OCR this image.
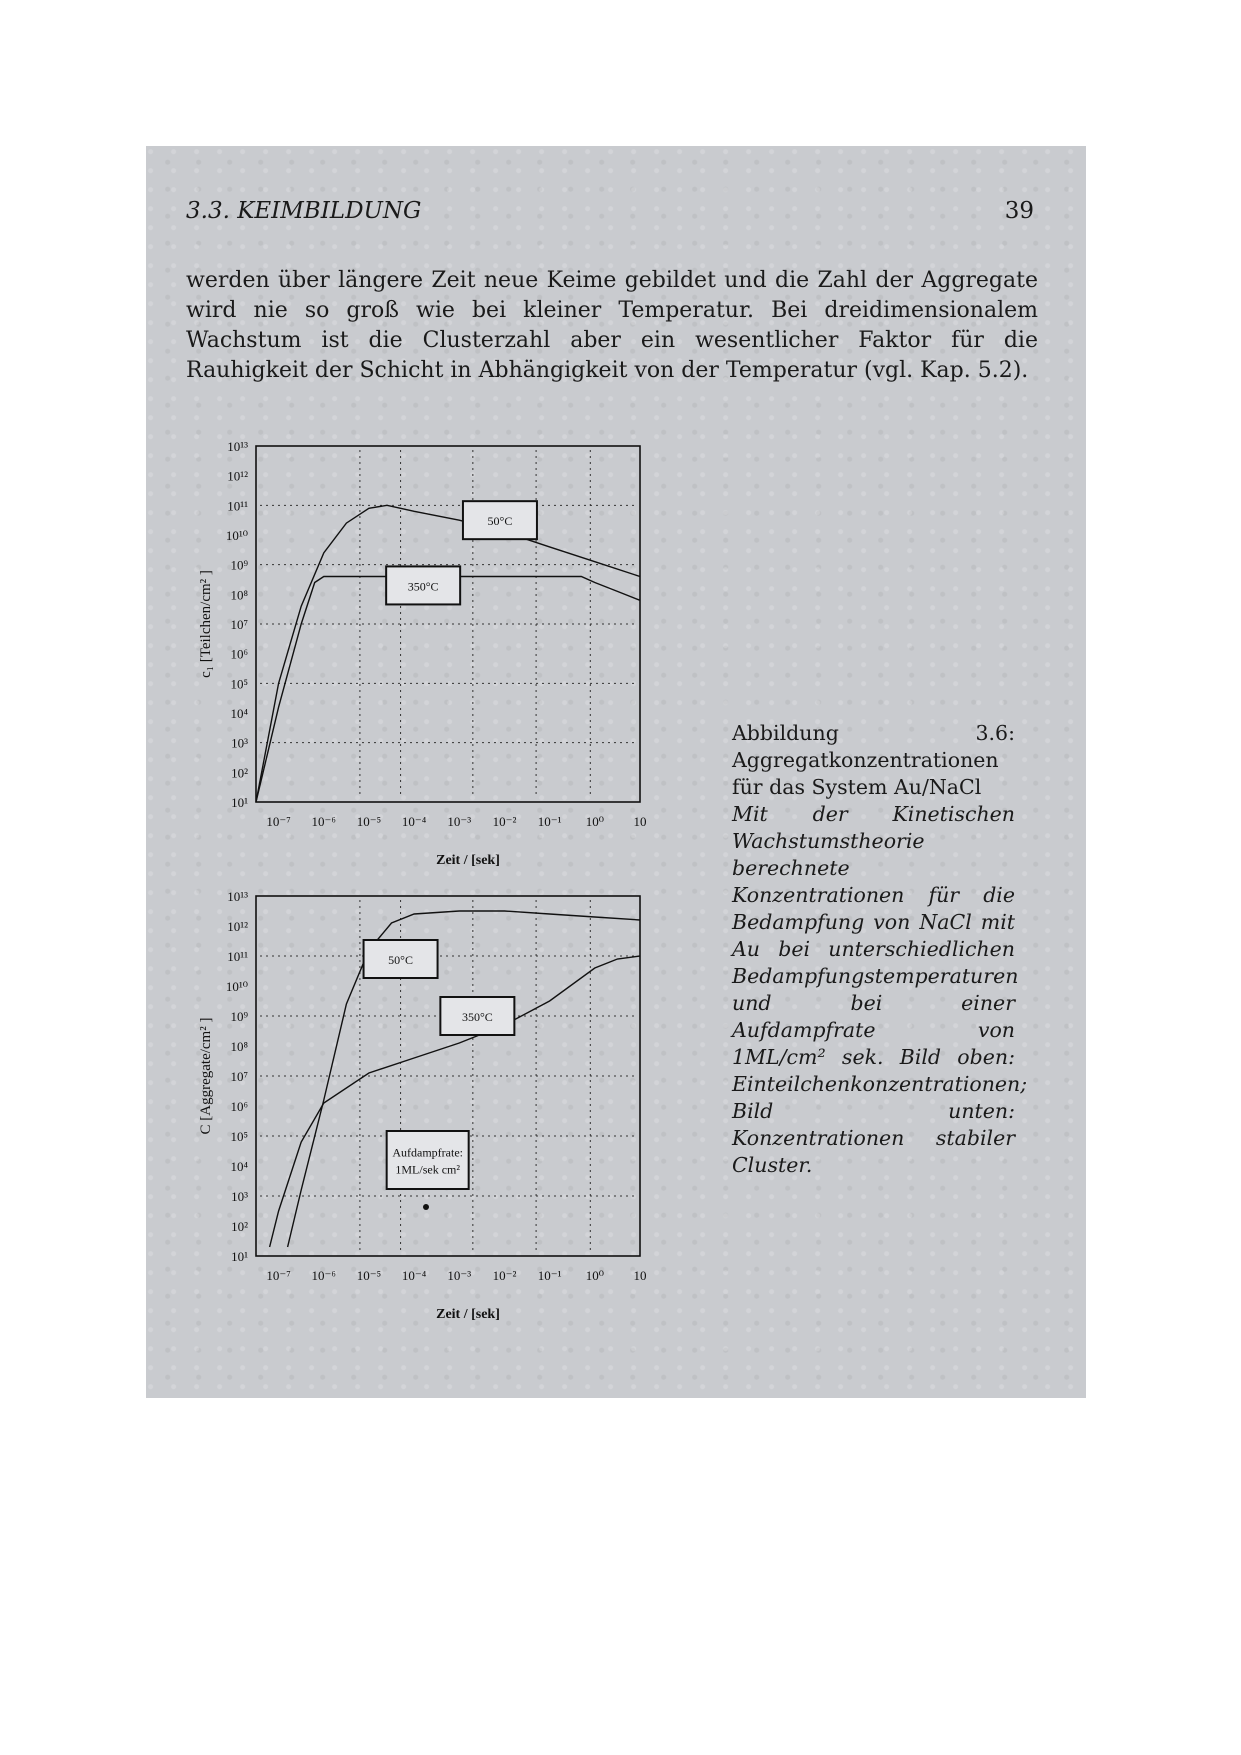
3.3. KEIMBILDUNG	39

werden über längere Zeit neue Keime gebildet und die Zahl der Aggregate wird nie so groß wie bei kleiner Temperatur. Bei dreidimensionalem Wachstum ist die Clusterzahl aber ein wesentlicher Faktor für die Rauhigkeit der Schicht in Abhängigkeit von der Temperatur (vgl. Kap. 5.2).

10¹
10²
10³
10⁴
10⁵
10⁶
10⁷
10⁸
10⁹
10¹⁰
10¹¹
10¹²
10¹³
10⁻⁷ 10⁻⁶ 10⁻⁵ 10⁻⁴ 10⁻³ 10⁻² 10⁻¹ 10⁰ 10
Zeit / [sek]
c₁ [Teilchen/cm² ]
50°C
350°C
10¹
10²
10³
10⁴
10⁵
10⁶
10⁷
10⁸
10⁹
10¹⁰
10¹¹
10¹²
10¹³
10⁻⁷ 10⁻⁶ 10⁻⁵ 10⁻⁴ 10⁻³ 10⁻² 10⁻¹ 10⁰ 10
Zeit / [sek]
C [Aggregate/cm² ]
50°C
350°C
Aufdampfrate:
1ML/sek cm²
Abbildung 3.6: Aggregatkonzentrationen für das System Au/NaCl
Mit der Kinetischen Wachstumstheorie berechnete Konzentrationen für die Bedampfung von NaCl mit Au bei unterschiedlichen Bedampfungstemperaturen und bei einer Aufdampfrate von 1ML/cm² sek. Bild oben: Einteilchenkonzentrationen; Bild unten: Konzentrationen stabiler Cluster.
